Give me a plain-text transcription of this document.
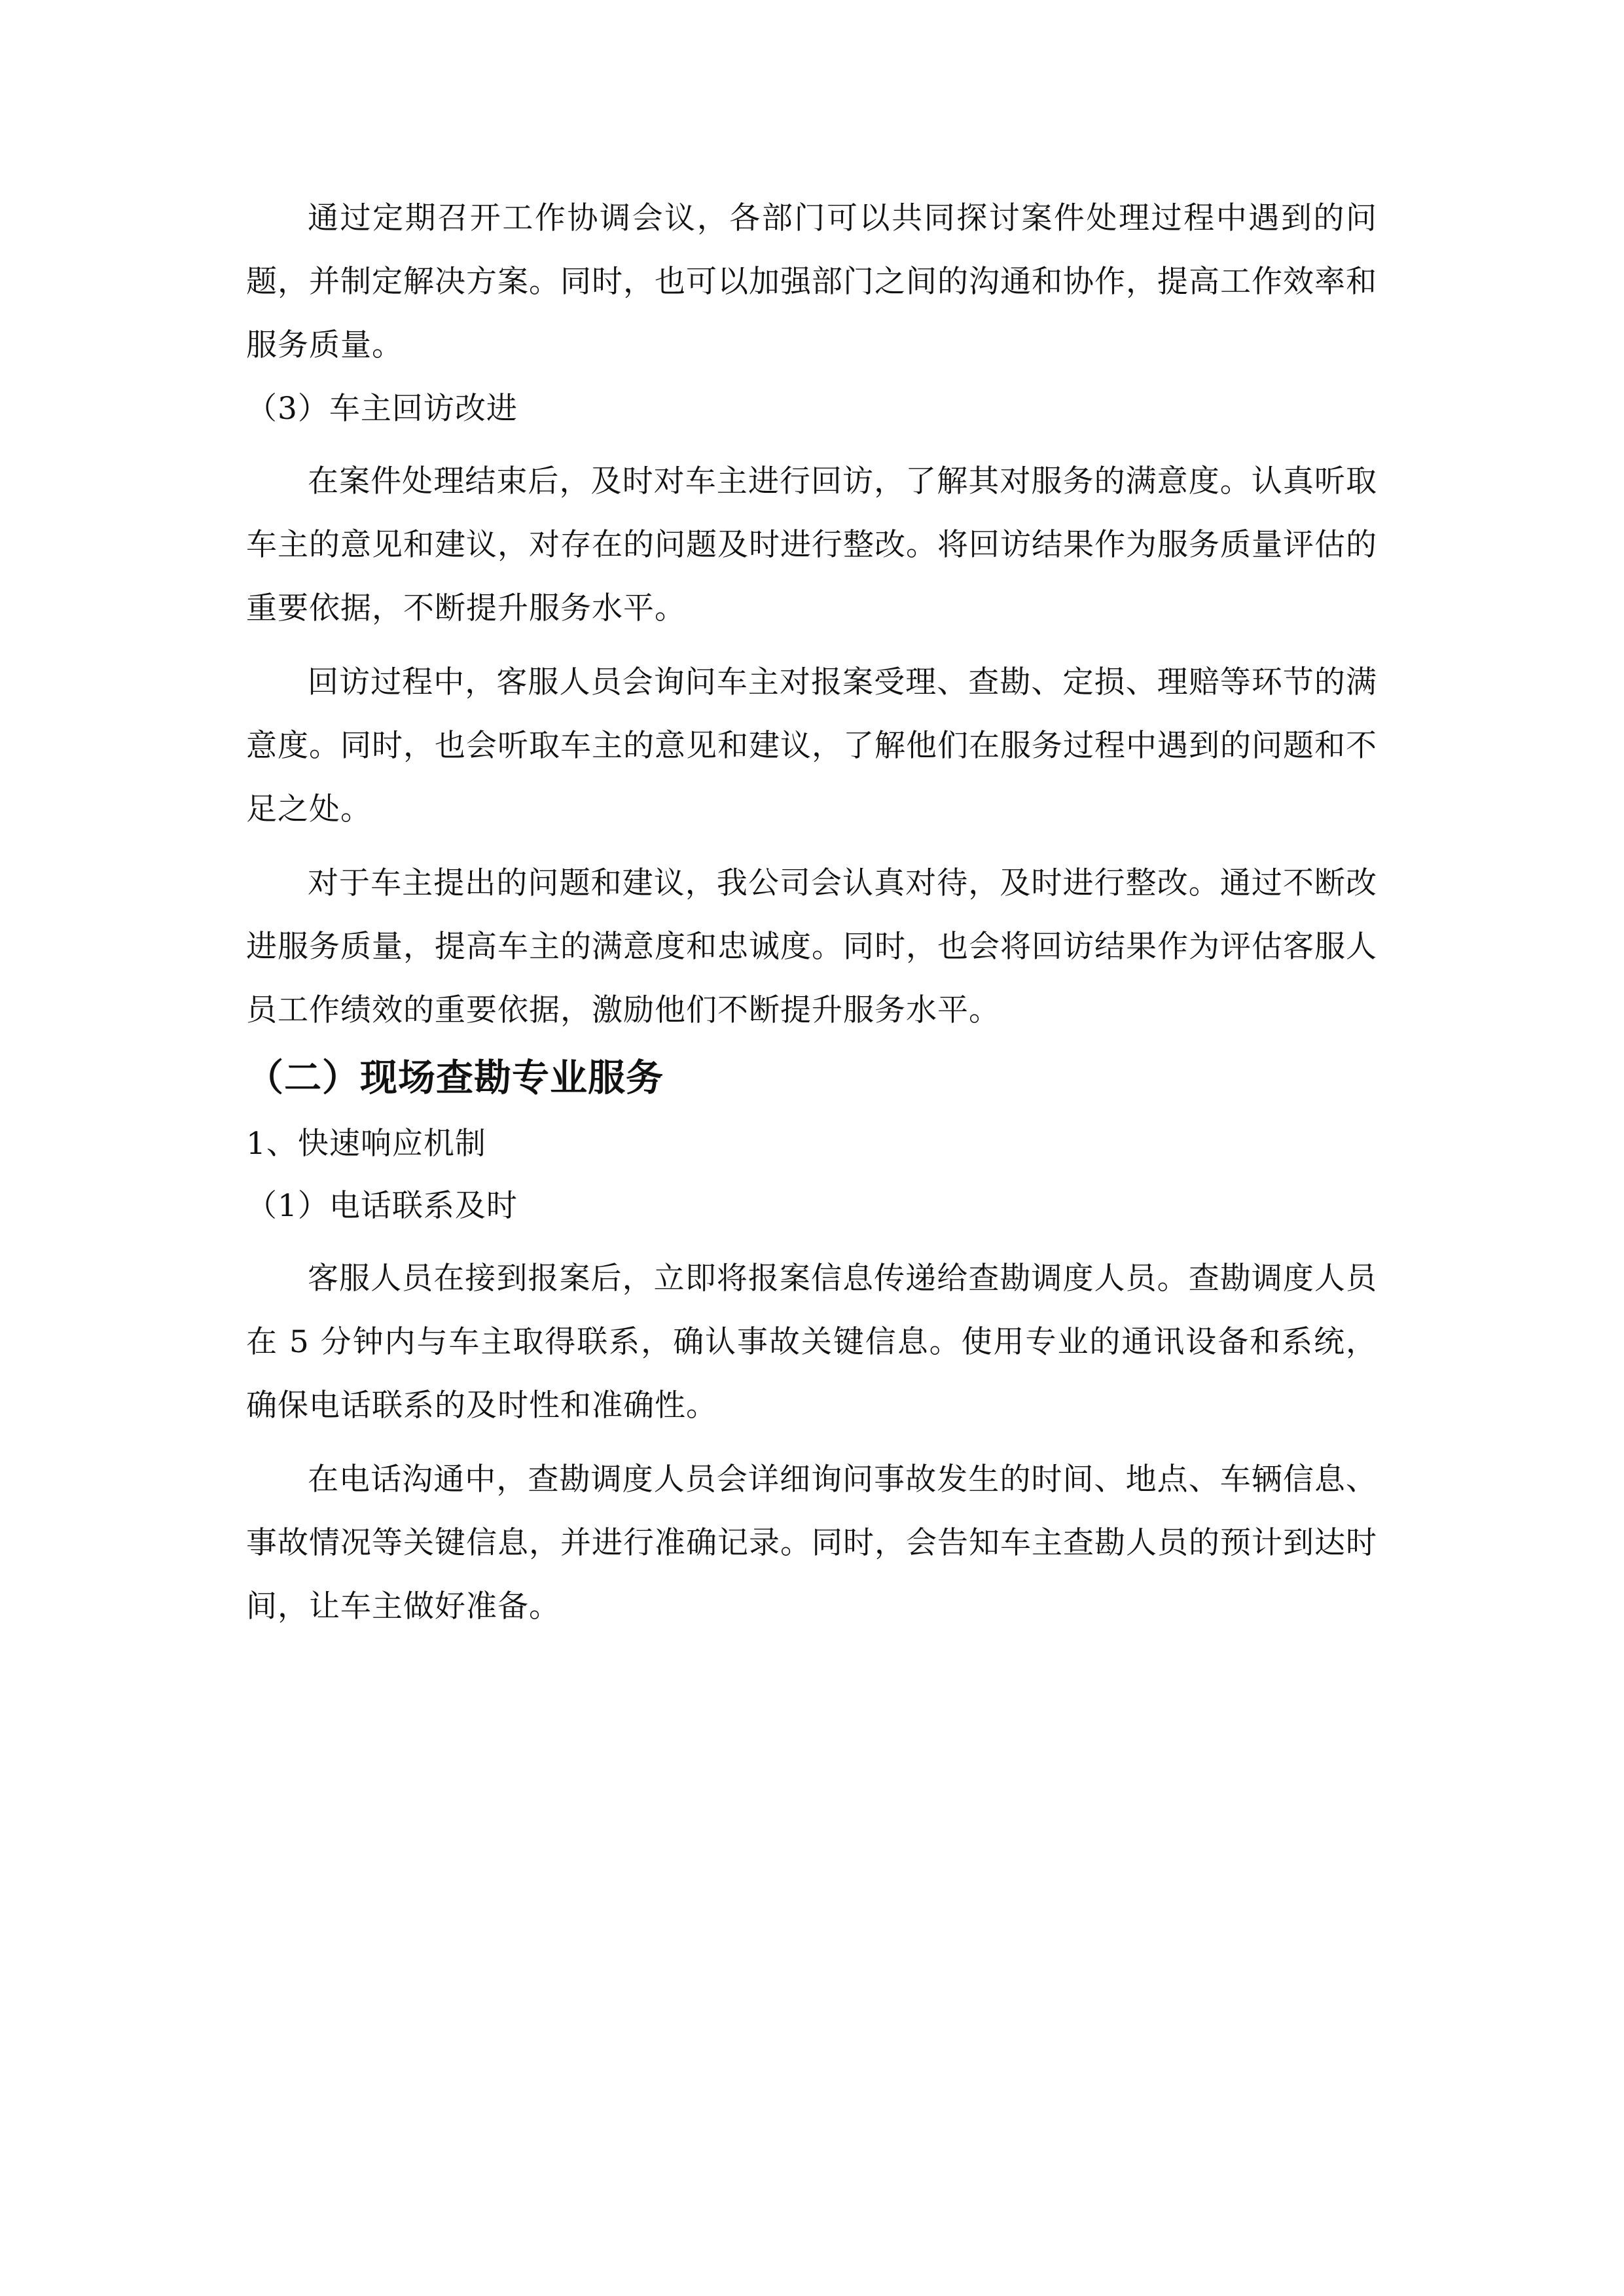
通过定期召开工作协调会议，各部门可以共同探讨案件处理过程中遇到的问题，并制定解决方案。同时，也可以加强部门之间的沟通和协作，提高工作效率和服务质量。

（3）车主回访改进

在案件处理结束后，及时对车主进行回访，了解其对服务的满意度。认真听取车主的意见和建议，对存在的问题及时进行整改。将回访结果作为服务质量评估的重要依据，不断提升服务水平。

回访过程中，客服人员会询问车主对报案受理、查勘、定损、理赔等环节的满意度。同时，也会听取车主的意见和建议，了解他们在服务过程中遇到的问题和不足之处。

对于车主提出的问题和建议，我公司会认真对待，及时进行整改。通过不断改进服务质量，提高车主的满意度和忠诚度。同时，也会将回访结果作为评估客服人员工作绩效的重要依据，激励他们不断提升服务水平。

（二）现场查勘专业服务

1、快速响应机制

（1）电话联系及时

客服人员在接到报案后，立即将报案信息传递给查勘调度人员。查勘调度人员在 5 分钟内与车主取得联系，确认事故关键信息。使用专业的通讯设备和系统，确保电话联系的及时性和准确性。

在电话沟通中，查勘调度人员会详细询问事故发生的时间、地点、车辆信息、事故情况等关键信息，并进行准确记录。同时，会告知车主查勘人员的预计到达时间，让车主做好准备。
